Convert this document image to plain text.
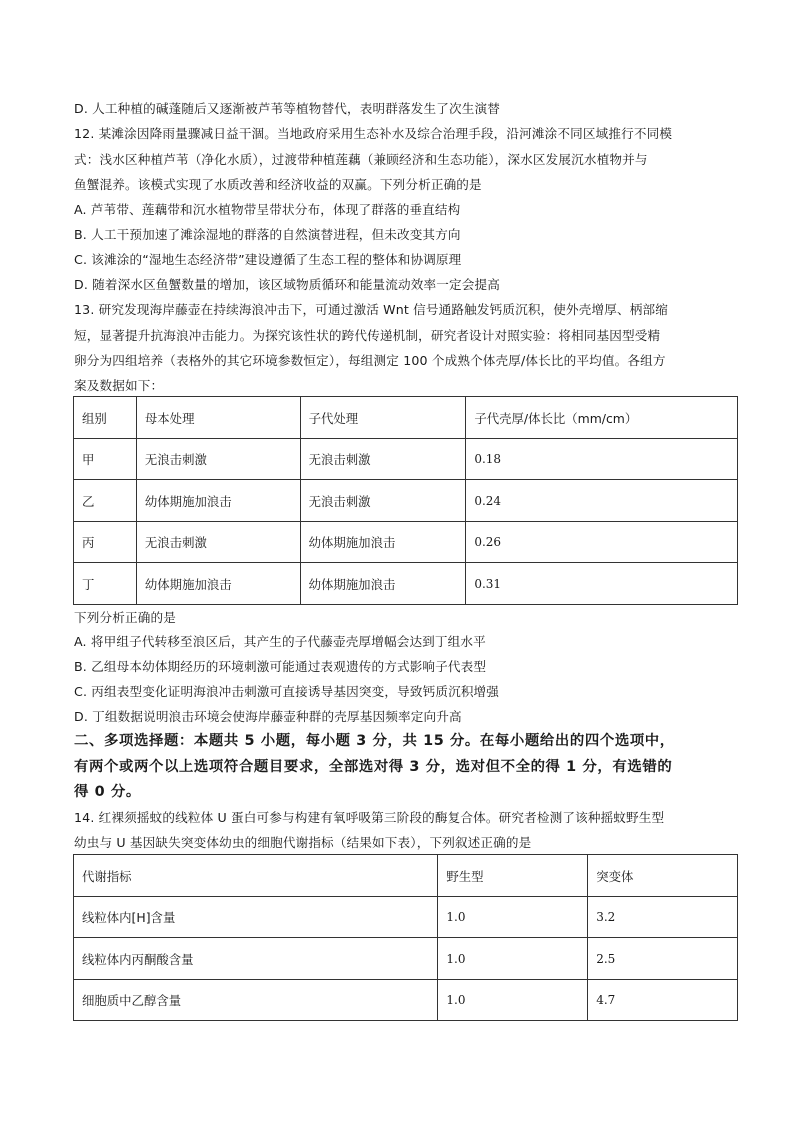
D. 人工种植的碱蓬随后又逐渐被芦苇等植物替代，表明群落发生了次生演替
12. 某滩涂因降雨量骤减日益干涸。当地政府采用生态补水及综合治理手段，沿河滩涂不同区域推行不同模
式：浅水区种植芦苇（净化水质），过渡带种植莲藕（兼顾经济和生态功能），深水区发展沉水植物并与
鱼蟹混养。该模式实现了水质改善和经济收益的双赢。下列分析正确的是
A. 芦苇带、莲藕带和沉水植物带呈带状分布，体现了群落的垂直结构
B. 人工干预加速了滩涂湿地的群落的自然演替进程，但未改变其方向
C. 该滩涂的“湿地生态经济带”建设遵循了生态工程的整体和协调原理
D. 随着深水区鱼蟹数量的增加，该区域物质循环和能量流动效率一定会提高
13. 研究发现海岸藤壶在持续海浪冲击下，可通过激活 Wnt 信号通路触发钙质沉积，使外壳增厚、柄部缩
短，显著提升抗海浪冲击能力。为探究该性状的跨代传递机制，研究者设计对照实验：将相同基因型受精
卵分为四组培养（表格外的其它环境参数恒定），每组测定 100 个成熟个体壳厚/体长比的平均值。各组方
案及数据如下：
组别	母本处理	子代处理	子代壳厚/体长比（mm/cm）
甲	无浪击刺激	无浪击刺激	0.18
乙	幼体期施加浪击	无浪击刺激	0.24
丙	无浪击刺激	幼体期施加浪击	0.26
丁	幼体期施加浪击	幼体期施加浪击	0.31
下列分析正确的是
A. 将甲组子代转移至浪区后，其产生的子代藤壶壳厚增幅会达到丁组水平
B. 乙组母本幼体期经历的环境刺激可能通过表观遗传的方式影响子代表型
C. 丙组表型变化证明海浪冲击刺激可直接诱导基因突变，导致钙质沉积增强
D. 丁组数据说明浪击环境会使海岸藤壶种群的壳厚基因频率定向升高
二、多项选择题：本题共 5 小题，每小题 3 分，共 15 分。在每小题给出的四个选项中，
有两个或两个以上选项符合题目要求，全部选对得 3 分，选对但不全的得 1 分，有选错的
得 0 分。
14. 红裸须摇蚊的线粒体 U 蛋白可参与构建有氧呼吸第三阶段的酶复合体。研究者检测了该种摇蚊野生型
幼虫与 U 基因缺失突变体幼虫的细胞代谢指标（结果如下表），下列叙述正确的是
代谢指标	野生型	突变体
线粒体内[H]含量	1.0	3.2
线粒体内丙酮酸含量	1.0	2.5
细胞质中乙醇含量	1.0	4.7
